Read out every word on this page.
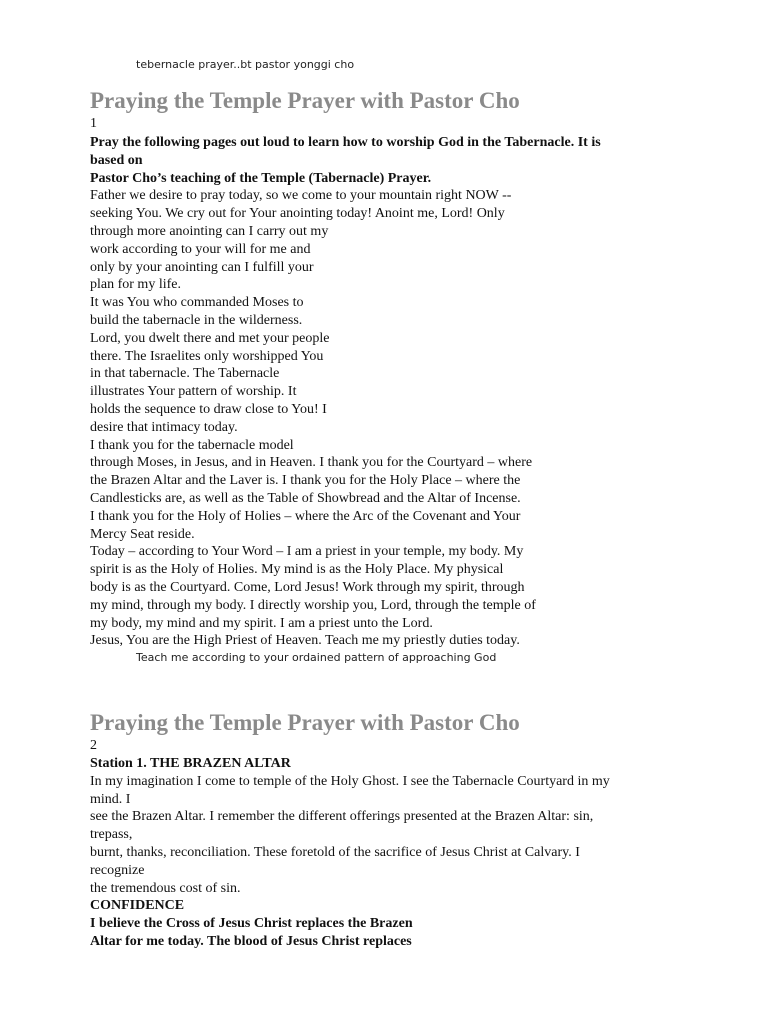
tebernacle prayer..bt pastor yonggi cho
Praying the Temple Prayer with Pastor Cho
1
Pray the following pages out loud to learn how to worship God in the Tabernacle. It is
based on
Pastor Cho’s teaching of the Temple (Tabernacle) Prayer.
Father we desire to pray today, so we come to your mountain right NOW --
seeking You. We cry out for Your anointing today! Anoint me, Lord! Only
through more anointing can I carry out my
work according to your will for me and
only by your anointing can I fulfill your
plan for my life.
It was You who commanded Moses to
build the tabernacle in the wilderness.
Lord, you dwelt there and met your people
there. The Israelites only worshipped You
in that tabernacle. The Tabernacle
illustrates Your pattern of worship. It
holds the sequence to draw close to You! I
desire that intimacy today.
I thank you for the tabernacle model
through Moses, in Jesus, and in Heaven. I thank you for the Courtyard – where
the Brazen Altar and the Laver is. I thank you for the Holy Place – where the
Candlesticks are, as well as the Table of Showbread and the Altar of Incense.
I thank you for the Holy of Holies – where the Arc of the Covenant and Your
Mercy Seat reside.
Today – according to Your Word – I am a priest in your temple, my body. My
spirit is as the Holy of Holies. My mind is as the Holy Place. My physical
body is as the Courtyard. Come, Lord Jesus! Work through my spirit, through
my mind, through my body. I directly worship you, Lord, through the temple of
my body, my mind and my spirit. I am a priest unto the Lord.
Jesus, You are the High Priest of Heaven. Teach me my priestly duties today.
Teach me according to your ordained pattern of approaching God
Praying the Temple Prayer with Pastor Cho
2
Station 1. THE BRAZEN ALTAR
In my imagination I come to temple of the Holy Ghost. I see the Tabernacle Courtyard in my
mind. I
see the Brazen Altar. I remember the different offerings presented at the Brazen Altar: sin,
trepass,
burnt, thanks, reconciliation. These foretold of the sacrifice of Jesus Christ at Calvary. I
recognize
the tremendous cost of sin.
CONFIDENCE
I believe the Cross of Jesus Christ replaces the Brazen
Altar for me today. The blood of Jesus Christ replaces
